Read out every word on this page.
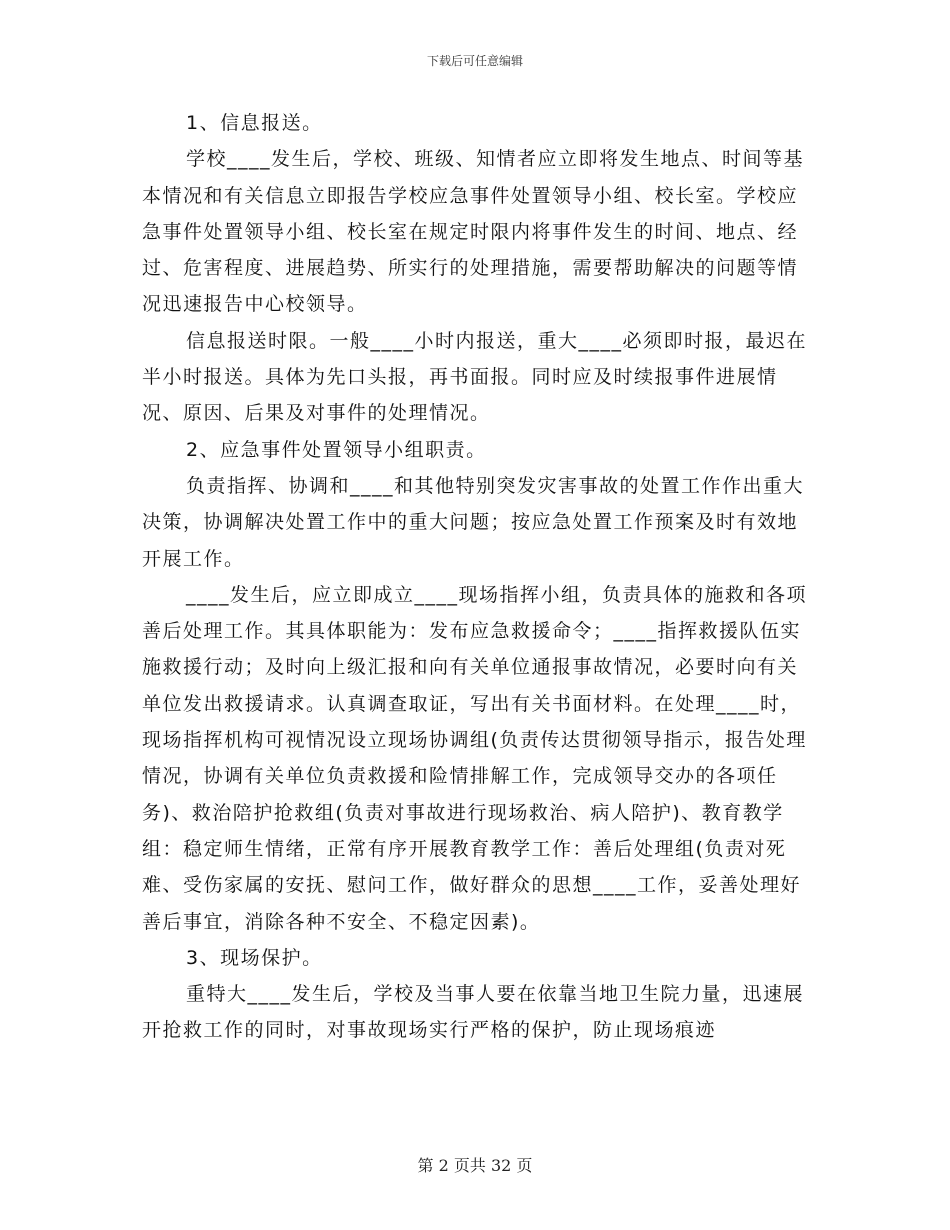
下载后可任意编辑

1、信息报送。

学校____发生后，学校、班级、知情者应立即将发生地点、时间等基本情况和有关信息立即报告学校应急事件处置领导小组、校长室。学校应急事件处置领导小组、校长室在规定时限内将事件发生的时间、地点、经过、危害程度、进展趋势、所实行的处理措施，需要帮助解决的问题等情况迅速报告中心校领导。

信息报送时限。一般____小时内报送，重大____必须即时报，最迟在半小时报送。具体为先口头报，再书面报。同时应及时续报事件进展情况、原因、后果及对事件的处理情况。

2、应急事件处置领导小组职责。

负责指挥、协调和____和其他特别突发灾害事故的处置工作作出重大决策，协调解决处置工作中的重大问题；按应急处置工作预案及时有效地开展工作。

____发生后，应立即成立____现场指挥小组，负责具体的施救和各项善后处理工作。其具体职能为：发布应急救援命令；____指挥救援队伍实施救援行动；及时向上级汇报和向有关单位通报事故情况，必要时向有关单位发出救援请求。认真调查取证，写出有关书面材料。在处理____时，现场指挥机构可视情况设立现场协调组(负责传达贯彻领导指示，报告处理情况，协调有关单位负责救援和险情排解工作，完成领导交办的各项任务)、救治陪护抢救组(负责对事故进行现场救治、病人陪护)、教育教学组：稳定师生情绪，正常有序开展教育教学工作：善后处理组(负责对死难、受伤家属的安抚、慰问工作，做好群众的思想____工作，妥善处理好善后事宜，消除各种不安全、不稳定因素)。

3、现场保护。

重特大____发生后，学校及当事人要在依靠当地卫生院力量，迅速展开抢救工作的同时，对事故现场实行严格的保护，防止现场痕迹

第 2 页共 32 页
